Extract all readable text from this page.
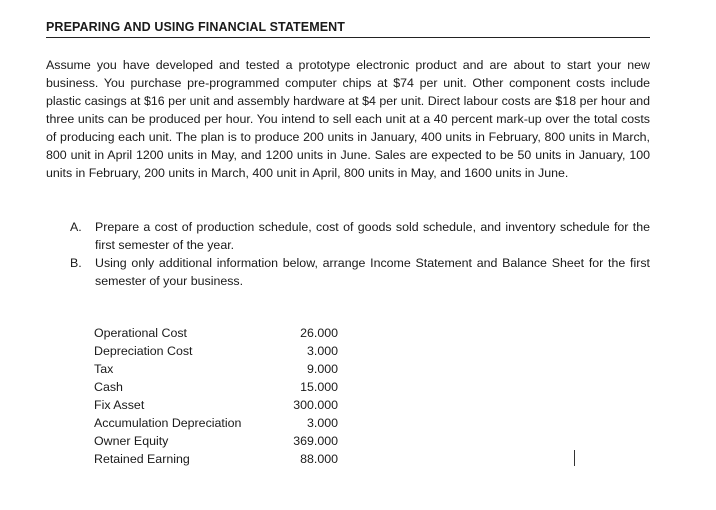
PREPARING AND USING FINANCIAL STATEMENT
Assume you have developed and tested a prototype electronic product and are about to start your new business. You purchase pre-programmed computer chips at $74 per unit. Other component costs include plastic casings at $16 per unit and assembly hardware at $4 per unit. Direct labour costs are $18 per hour and three units can be produced per hour. You intend to sell each unit at a 40 percent mark-up over the total costs of producing each unit. The plan is to produce 200 units in January, 400 units in February, 800 units in March, 800 unit in April 1200 units in May, and 1200 units in June. Sales are expected to be 50 units in January, 100 units in February, 200 units in March, 400 unit in April, 800 units in May, and 1600 units in June.
A.	Prepare a cost of production schedule, cost of goods sold schedule, and inventory schedule for the first semester of the year.
B.	Using only additional information below, arrange Income Statement and Balance Sheet for the first semester of your business.
Operational Cost	26.000
Depreciation Cost	3.000
Tax	9.000
Cash	15.000
Fix Asset	300.000
Accumulation Depreciation	3.000
Owner Equity	369.000
Retained Earning	88.000
